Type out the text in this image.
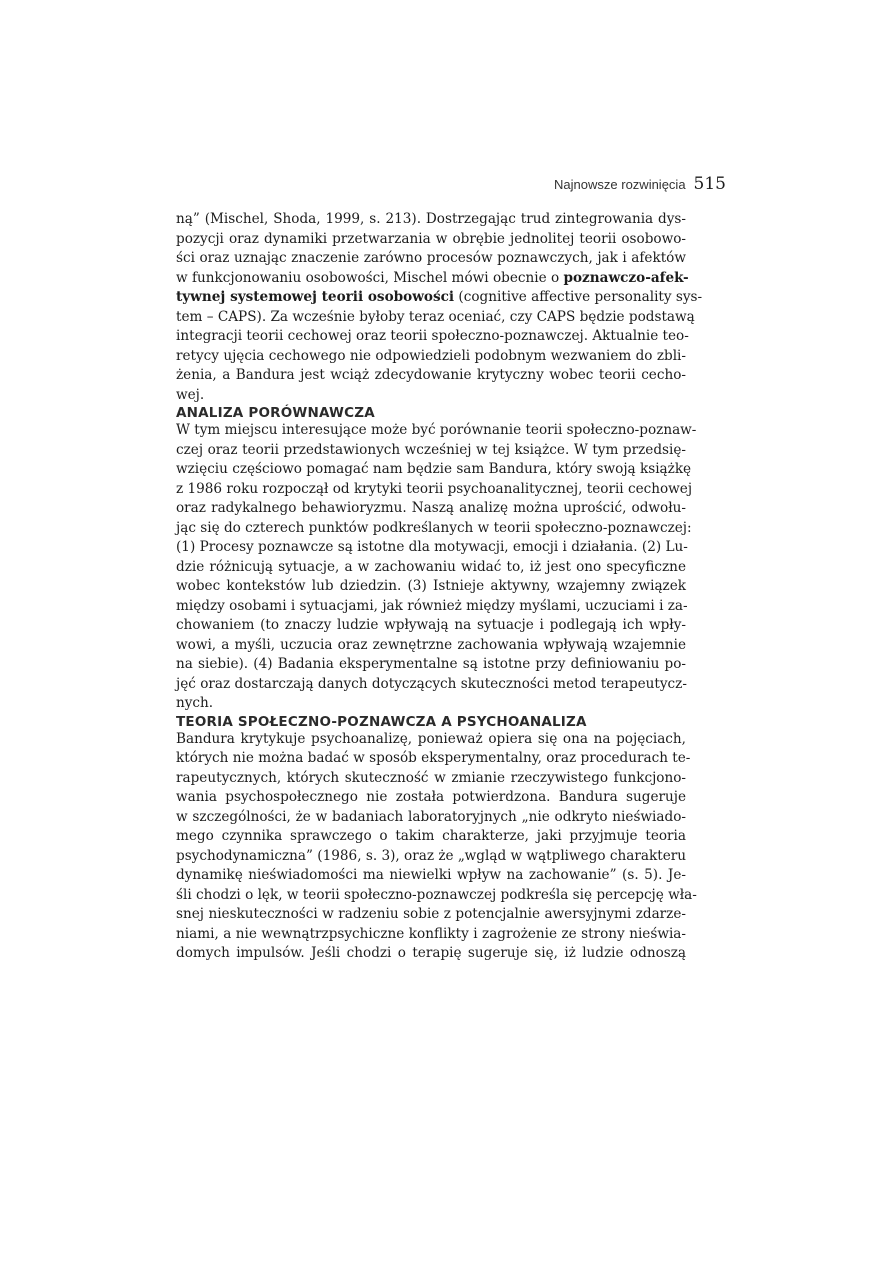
Najnowsze rozwinięcia 515

ną” (Mischel, Shoda, 1999, s. 213). Dostrzegając trud zintegrowania dys-
pozycji oraz dynamiki przetwarzania w obrębie jednolitej teorii osobowo-
ści oraz uznając znaczenie zarówno procesów poznawczych, jak i afektów
w funkcjonowaniu osobowości, Mischel mówi obecnie o poznawczo-afek-
tywnej systemowej teorii osobowości (cognitive affective personality sys-
tem – CAPS). Za wcześnie byłoby teraz oceniać, czy CAPS będzie podstawą
integracji teorii cechowej oraz teorii społeczno-poznawczej. Aktualnie teo-
retycy ujęcia cechowego nie odpowiedzieli podobnym wezwaniem do zbli-
żenia, a Bandura jest wciąż zdecydowanie krytyczny wobec teorii cecho-
wej.

ANALIZA PORÓWNAWCZA

W tym miejscu interesujące może być porównanie teorii społeczno-poznaw-
czej oraz teorii przedstawionych wcześniej w tej książce. W tym przedsię-
wzięciu częściowo pomagać nam będzie sam Bandura, który swoją książkę
z 1986 roku rozpoczął od krytyki teorii psychoanalitycznej, teorii cechowej
oraz radykalnego behawioryzmu. Naszą analizę można uprościć, odwołu-
jąc się do czterech punktów podkreślanych w teorii społeczno-poznawczej:
(1) Procesy poznawcze są istotne dla motywacji, emocji i działania. (2) Lu-
dzie różnicują sytuacje, a w zachowaniu widać to, iż jest ono specyficzne
wobec kontekstów lub dziedzin. (3) Istnieje aktywny, wzajemny związek
między osobami i sytuacjami, jak również między myślami, uczuciami i za-
chowaniem (to znaczy ludzie wpływają na sytuacje i podlegają ich wpły-
wowi, a myśli, uczucia oraz zewnętrzne zachowania wpływają wzajemnie
na siebie). (4) Badania eksperymentalne są istotne przy definiowaniu po-
jęć oraz dostarczają danych dotyczących skuteczności metod terapeutycz-
nych.

TEORIA SPOŁECZNO-POZNAWCZA A PSYCHOANALIZA

Bandura krytykuje psychoanalizę, ponieważ opiera się ona na pojęciach,
których nie można badać w sposób eksperymentalny, oraz procedurach te-
rapeutycznych, których skuteczność w zmianie rzeczywistego funkcjono-
wania psychospołecznego nie została potwierdzona. Bandura sugeruje
w szczególności, że w badaniach laboratoryjnych „nie odkryto nieświado-
mego czynnika sprawczego o takim charakterze, jaki przyjmuje teoria
psychodynamiczna” (1986, s. 3), oraz że „wgląd w wątpliwego charakteru
dynamikę nieświadomości ma niewielki wpływ na zachowanie” (s. 5). Je-
śli chodzi o lęk, w teorii społeczno-poznawczej podkreśla się percepcję wła-
snej nieskuteczności w radzeniu sobie z potencjalnie awersyjnymi zdarze-
niami, a nie wewnątrzpsychiczne konflikty i zagrożenie ze strony nieświa-
domych impulsów. Jeśli chodzi o terapię sugeruje się, iż ludzie odnoszą
